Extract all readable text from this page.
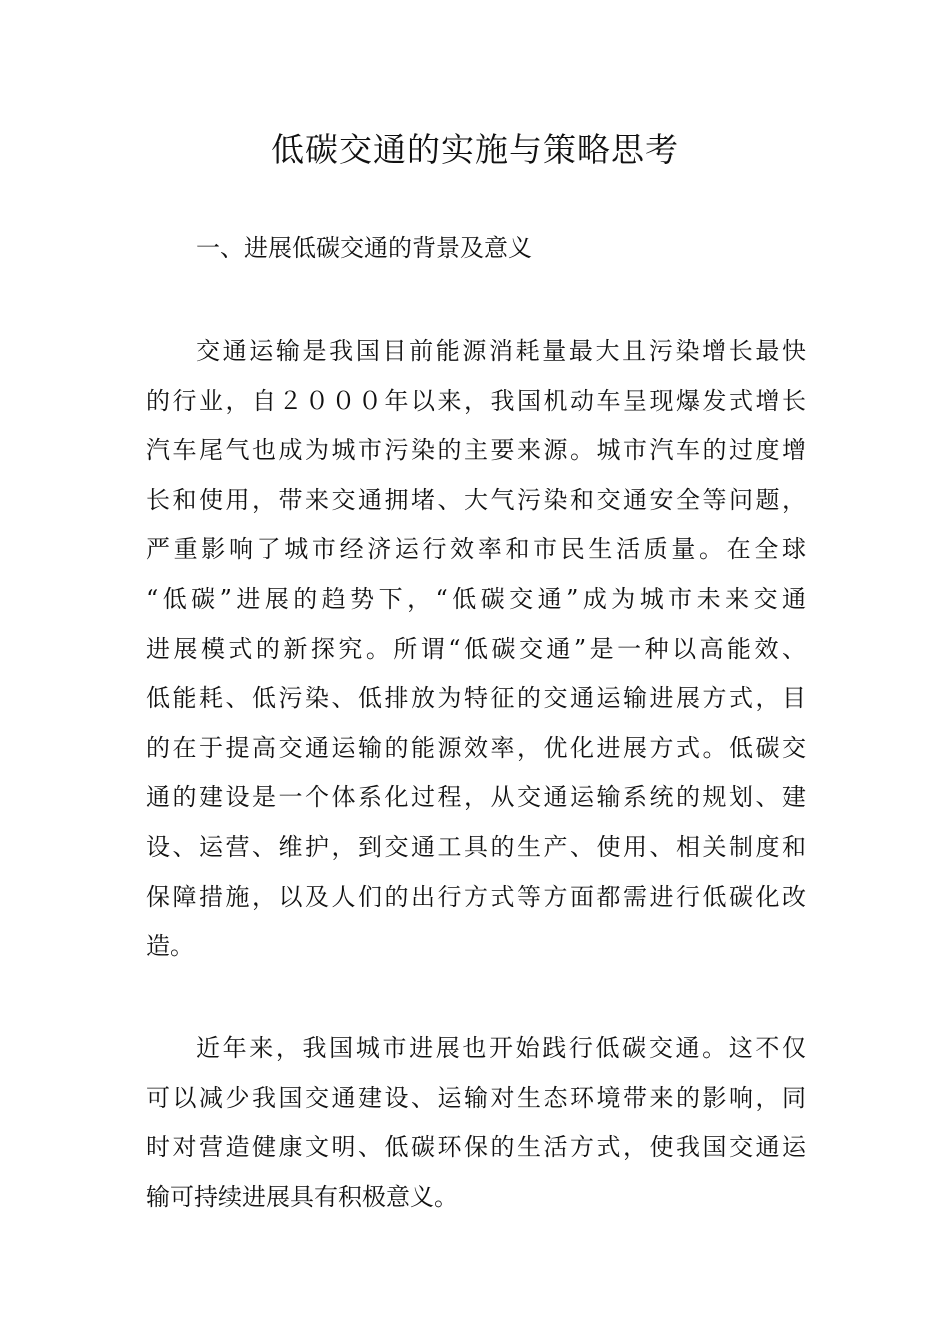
低碳交通的实施与策略思考
一、进展低碳交通的背景及意义
交通运输是我国目前能源消耗量最大且污染增长最快
的行业，自２０００年以来，我国机动车呈现爆发式增长
汽车尾气也成为城市污染的主要来源。城市汽车的过度增
长和使用，带来交通拥堵、大气污染和交通安全等问题，
严重影响了城市经济运行效率和市民生活质量。在全球
“低碳”进展的趋势下，“低碳交通”成为城市未来交通
进展模式的新探究。所谓“低碳交通”是一种以高能效、
低能耗、低污染、低排放为特征的交通运输进展方式，目
的在于提高交通运输的能源效率，优化进展方式。低碳交
通的建设是一个体系化过程，从交通运输系统的规划、建
设、运营、维护，到交通工具的生产、使用、相关制度和
保障措施，以及人们的出行方式等方面都需进行低碳化改
造。
近年来，我国城市进展也开始践行低碳交通。这不仅
可以减少我国交通建设、运输对生态环境带来的影响，同
时对营造健康文明、低碳环保的生活方式，使我国交通运
输可持续进展具有积极意义。
